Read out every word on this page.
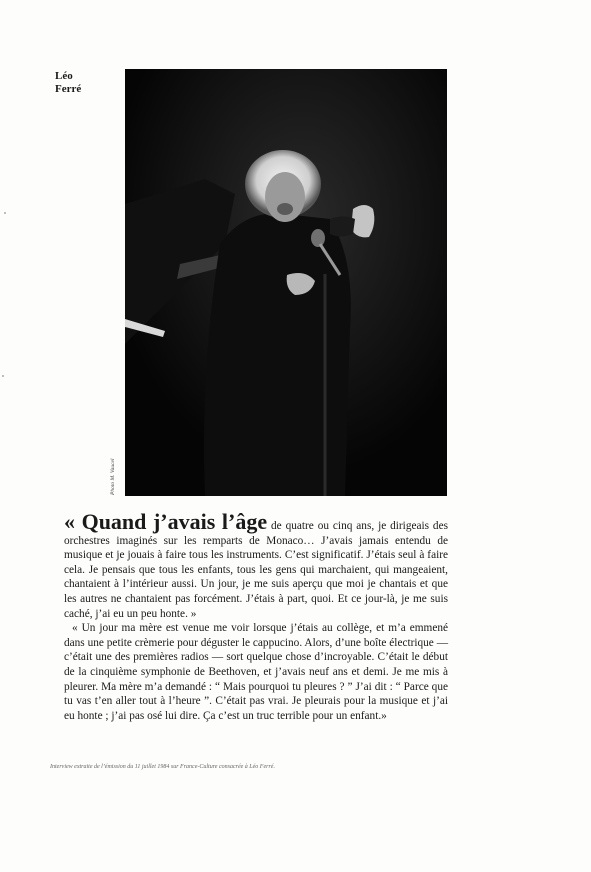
Léo
Ferré
Photo M. Vaucel

« Quand j’avais l’âge de quatre ou cinq ans, je dirigeais des orchestres imaginés sur les remparts de Monaco… J’avais jamais entendu de musique et je jouais à faire tous les instruments. C’est significatif. J’étais seul à faire cela. Je pensais que tous les enfants, tous les gens qui marchaient, qui mangeaient, chantaient à l’intérieur aussi. Un jour, je me suis aperçu que moi je chantais et que les autres ne chantaient pas forcément. J’étais à part, quoi. Et ce jour-là, je me suis caché, j’ai eu un peu honte. »

« Un jour ma mère est venue me voir lorsque j’étais au collège, et m’a emmené dans une petite crèmerie pour déguster le cappucino. Alors, d’une boîte électrique — c’était une des premières radios — sort quelque chose d’incroyable. C’était le début de la cinquième symphonie de Beethoven, et j’avais neuf ans et demi. Je me mis à pleurer. Ma mère m’a demandé : “ Mais pourquoi tu pleures ? ” J’ai dit : “ Parce que tu vas t’en aller tout à l’heure ”. C’était pas vrai. Je pleurais pour la musique et j’ai eu honte ; j’ai pas osé lui dire. Ça c’est un truc terrible pour un enfant.»

Interview extraite de l’émission du 11 juillet 1984 sur France-Culture consacrée à Léo Ferré.
